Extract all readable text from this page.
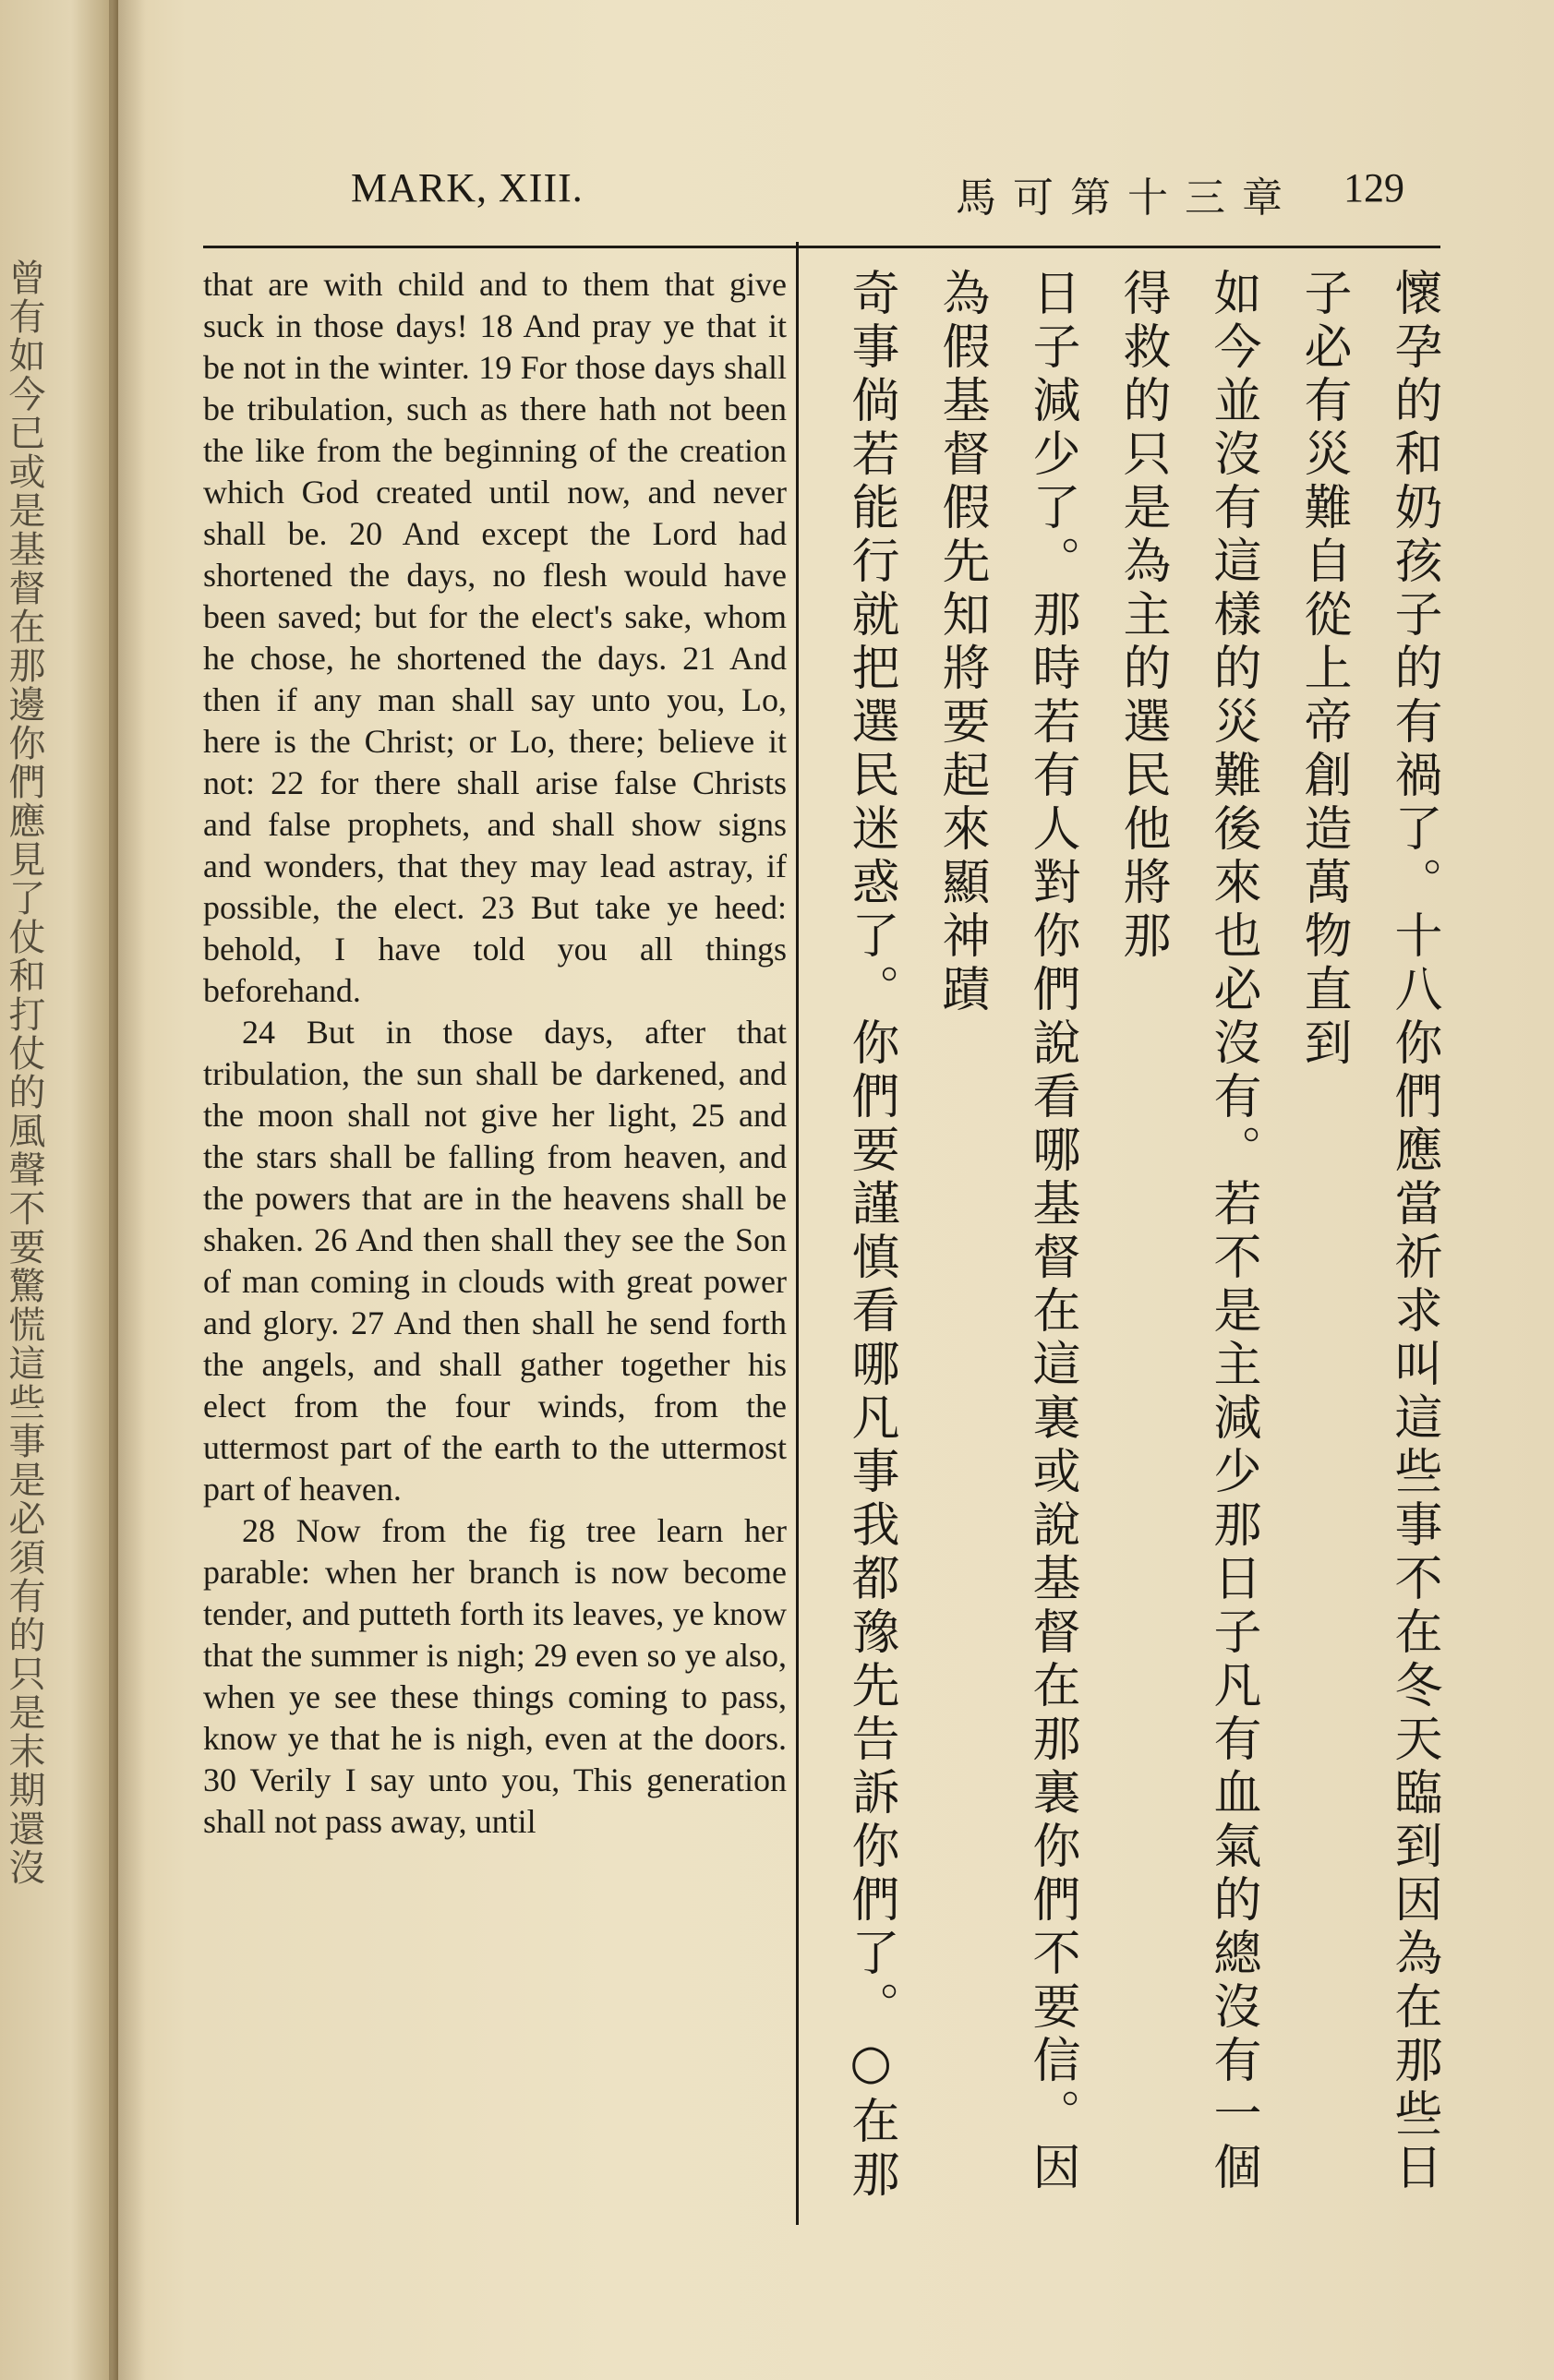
曾有如今已或是基督在那邊你們應見了仗和打仗的風聲不要驚慌這些事是必須有的只是末期還沒
MARK, XIII.	馬可第十三章 129

that are with child and to them that give suck in those days! 18 And pray ye that it be not in the winter. 19 For those days shall be tribulation, such as there hath not been the like from the beginning of the creation which God created until now, and never shall be. 20 And except the Lord had shortened the days, no flesh would have been saved; but for the elect's sake, whom he chose, he shortened the days. 21 And then if any man shall say unto you, Lo, here is the Christ; or Lo, there; believe it not: 22 for there shall arise false Christs and false prophets, and shall show signs and wonders, that they may lead astray, if possible, the elect. 23 But take ye heed: behold, I have told you all things beforehand.

24 But in those days, after that tribulation, the sun shall be darkened, and the moon shall not give her light, 25 and the stars shall be falling from heaven, and the powers that are in the heavens shall be shaken. 26 And then shall they see the Son of man coming in clouds with great power and glory. 27 And then shall he send forth the angels, and shall gather together his elect from the four winds, from the uttermost part of the earth to the uttermost part of heaven.

28 Now from the fig tree learn her parable: when her branch is now become tender, and putteth forth its leaves, ye know that the summer is nigh; 29 even so ye also, when ye see these things coming to pass, know ye that he is nigh, even at the doors. 30 Verily I say unto you, This generation shall not pass away, until	懷孕的和奶孩子的有禍了。十八你們應當祈求叫這些事不在冬天臨到因為在那些日子必有災難自從上帝創造萬物直到
如今並沒有這樣的災難後來也必沒有。若不是主減少那日子凡有血氣的總沒有一個得救的只是為主的選民他將那
日子減少了。那時若有人對你們說看哪基督在這裏或說基督在那裏你們不要信。因為假基督假先知將要起來顯神蹟
奇事倘若能行就把選民迷惑了。你們要謹慎看哪凡事我都豫先告訴你們了。○在那
